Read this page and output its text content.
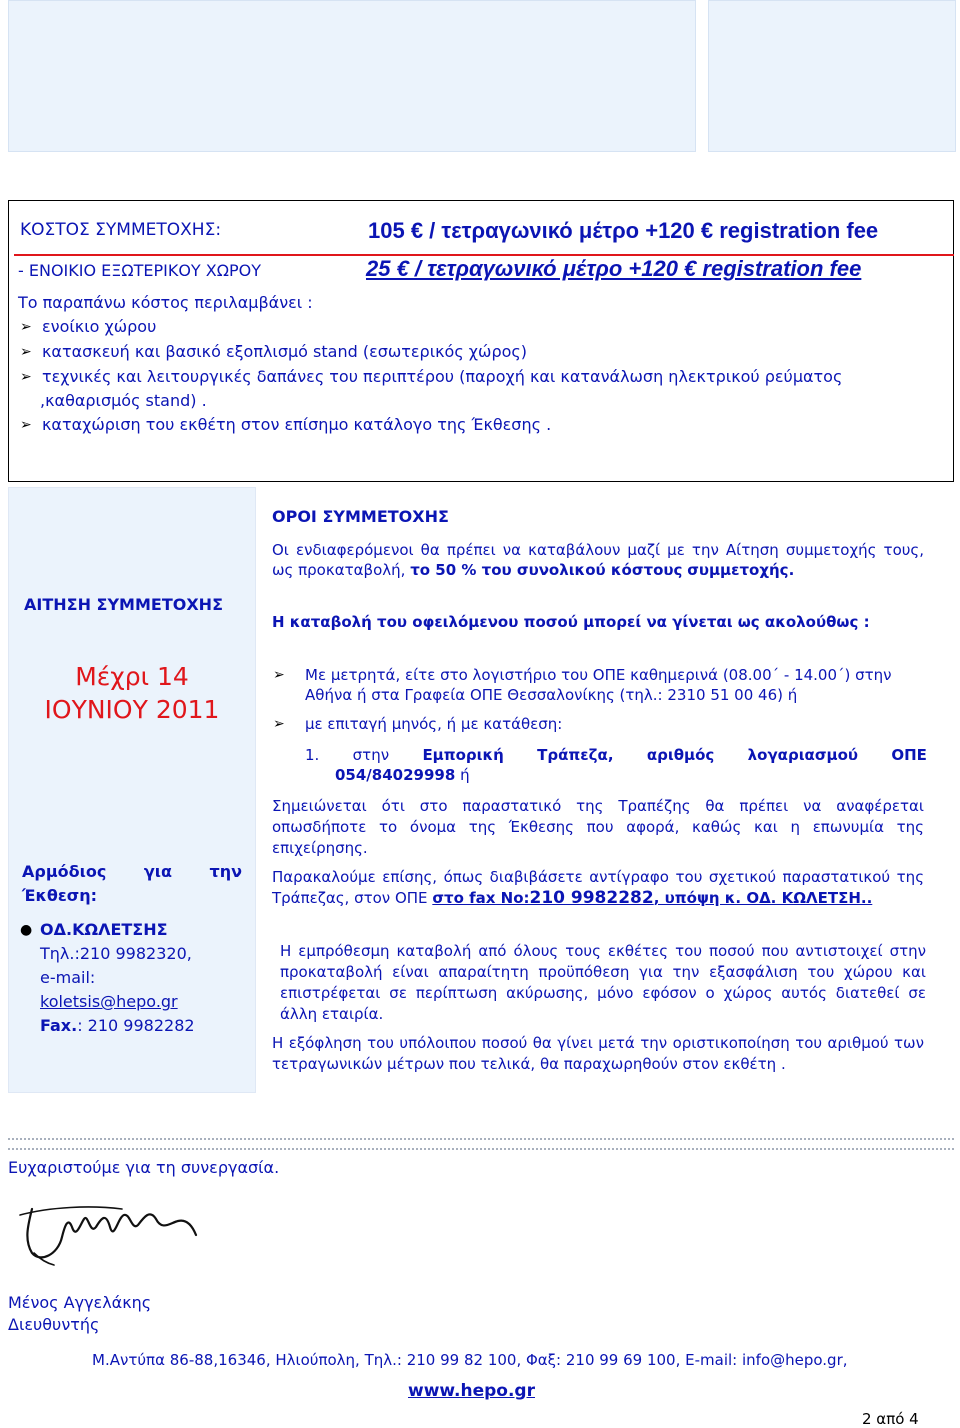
ΚΟΣΤΟΣ ΣΥΜΜΕΤΟΧΗΣ:	105 € / τετραγωνικό μέτρο +120 € registration fee
- ΕΝΟΙΚΙΟ ΕΞΩΤΕΡΙΚΟΥ ΧΩΡΟΥ	25 € / τετραγωνικό μέτρο +120 € registration fee
Το παραπάνω κόστος περιλαμβάνει :
➢ ενοίκιο χώρου
➢ κατασκευή και βασικό εξοπλισμό stand (εσωτερικός χώρος)
➢ τεχνικές και λειτουργικές δαπάνες του περιπτέρου (παροχή και κατανάλωση ηλεκτρικού ρεύματος
,καθαρισμός stand) .
➢ καταχώριση του εκθέτη στον επίσημο κατάλογο της Έκθεσης .
ΑΙΤΗΣΗ ΣΥΜΜΕΤΟΧΗΣ
Μέχρι 14
ΙΟΥΝΙΟΥ 2011
Αρμόδιος για την Έκθεση:
● ΟΔ.ΚΩΛΕΤΣΗΣ
Τηλ.:210 9982320,
e-mail:
koletsis@hepo.gr
Fax.: 210 9982282
ΟΡΟΙ ΣΥΜΜΕΤΟΧΗΣ
Οι ενδιαφερόμενοι θα πρέπει να καταβάλουν μαζί με την Αίτηση συμμετοχής τους, ως προκαταβολή, το 50 % του συνολικού κόστους συμμετοχής.
Η καταβολή του οφειλόμενου ποσού μπορεί να γίνεται ως ακολούθως :
➢ Με μετρητά, είτε στο λογιστήριο του ΟΠΕ καθημερινά (08.00΄ - 14.00΄) στην Αθήνα ή στα Γραφεία ΟΠΕ Θεσσαλονίκης (τηλ.: 2310 51 00 46) ή
➢ με επιταγή μηνός, ή με κατάθεση:
1. στην Εμπορική Τράπεζα, αριθμός λογαριασμού ΟΠΕ
054/84029998 ή
Σημειώνεται ότι στο παραστατικό της Τραπέζης θα πρέπει να αναφέρεται οπωσδήποτε το όνομα της Έκθεσης που αφορά, καθώς και η επωνυμία της επιχείρησης.
Παρακαλούμε επίσης, όπως διαβιβάσετε αντίγραφο του σχετικού παραστατικού της Τράπεζας, στον ΟΠΕ στο fax No:210 9982282, υπόψη κ. ΟΔ. ΚΩΛΕΤΣΗ..
Η εμπρόθεσμη καταβολή από όλους τους εκθέτες του ποσού που αντιστοιχεί στην προκαταβολή είναι απαραίτητη προϋπόθεση για την εξασφάλιση του χώρου και επιστρέφεται σε περίπτωση ακύρωσης, μόνο εφόσον ο χώρος αυτός διατεθεί σε άλλη εταιρία.
Η εξόφληση του υπόλοιπου ποσού θα γίνει μετά την οριστικοποίηση του αριθμού των τετραγωνικών μέτρων που τελικά, θα παραχωρηθούν στον εκθέτη .
Ευχαριστούμε για τη συνεργασία.
Μένος Αγγελάκης
Διευθυντής
Μ.Αντύπα 86-88,16346, Ηλιούπολη, Τηλ.: 210 99 82 100, Φαξ: 210 99 69 100, E-mail: info@hepo.gr,
www.hepo.gr
2 από 4
